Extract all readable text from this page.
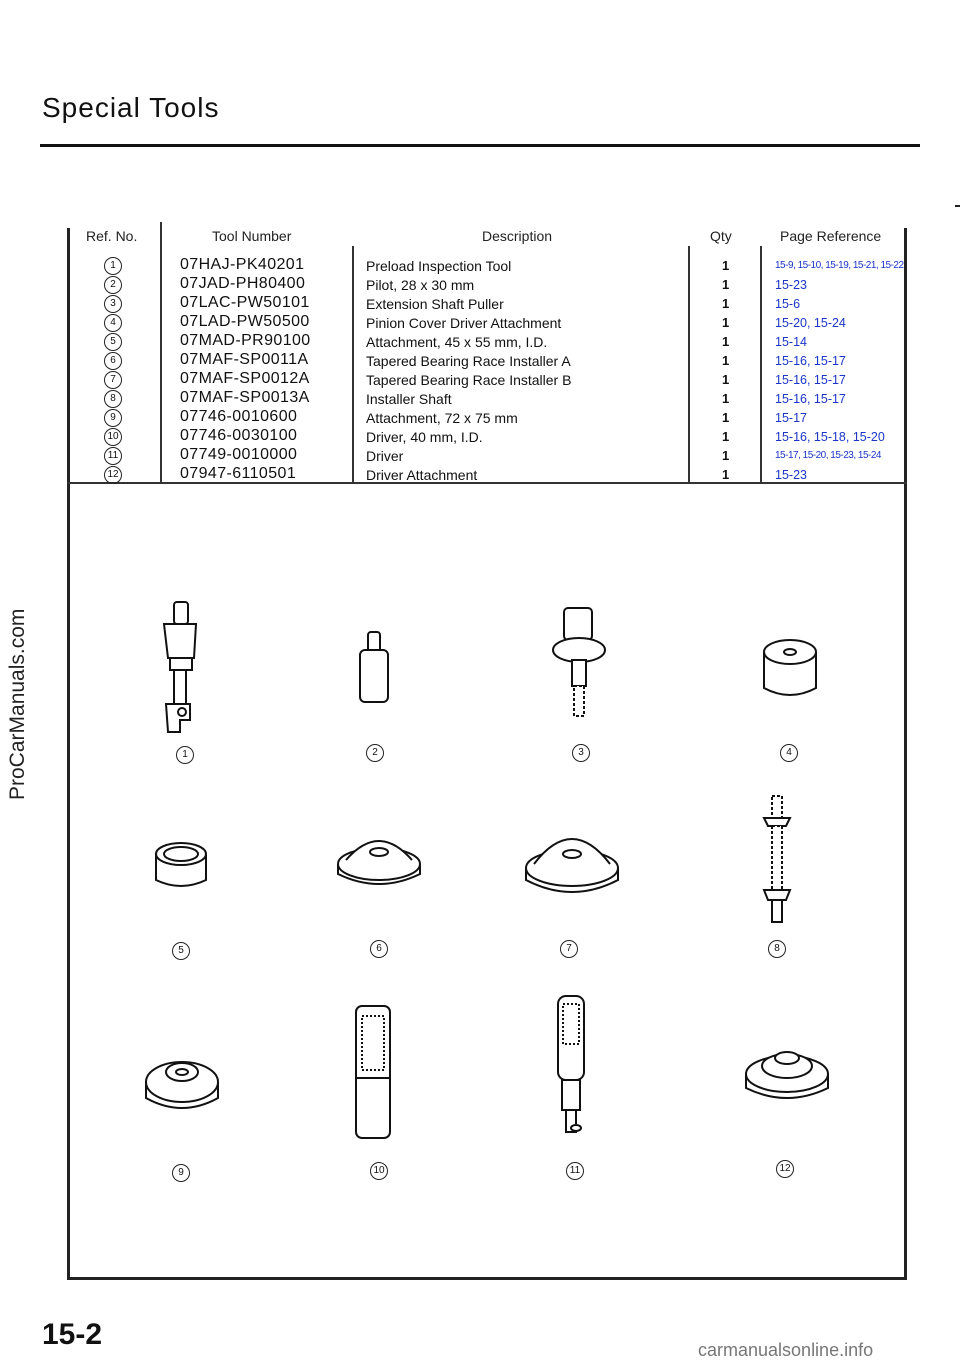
Special Tools
ProCarManuals.com
Ref. No.	Tool Number	Description	Qty	Page Reference
1	07HAJ-PK40201	Preload Inspection Tool	1	15-9, 15-10, 15-19, 15-21, 15-22
2	07JAD-PH80400	Pilot, 28 x 30 mm	1	15-23
3	07LAC-PW50101	Extension Shaft Puller	1	15-6
4	07LAD-PW50500	Pinion Cover Driver Attachment	1	15-20, 15-24
5	07MAD-PR90100	Attachment, 45 x 55 mm, I.D.	1	15-14
6	07MAF-SP0011A	Tapered Bearing Race Installer A	1	15-16, 15-17
7	07MAF-SP0012A	Tapered Bearing Race Installer B	1	15-16, 15-17
8	07MAF-SP0013A	Installer Shaft	1	15-16, 15-17
9	07746-0010600	Attachment, 72 x 75 mm	1	15-17
10	07746-0030100	Driver, 40 mm, I.D.	1	15-16, 15-18, 15-20
11	07749-0010000	Driver	1	15-17, 15-20, 15-23, 15-24
12	07947-6110501	Driver Attachment	1	15-23
1	2	3	4
5	6	7	8
9	10	11	12
15-2	carmanualsonline.info
